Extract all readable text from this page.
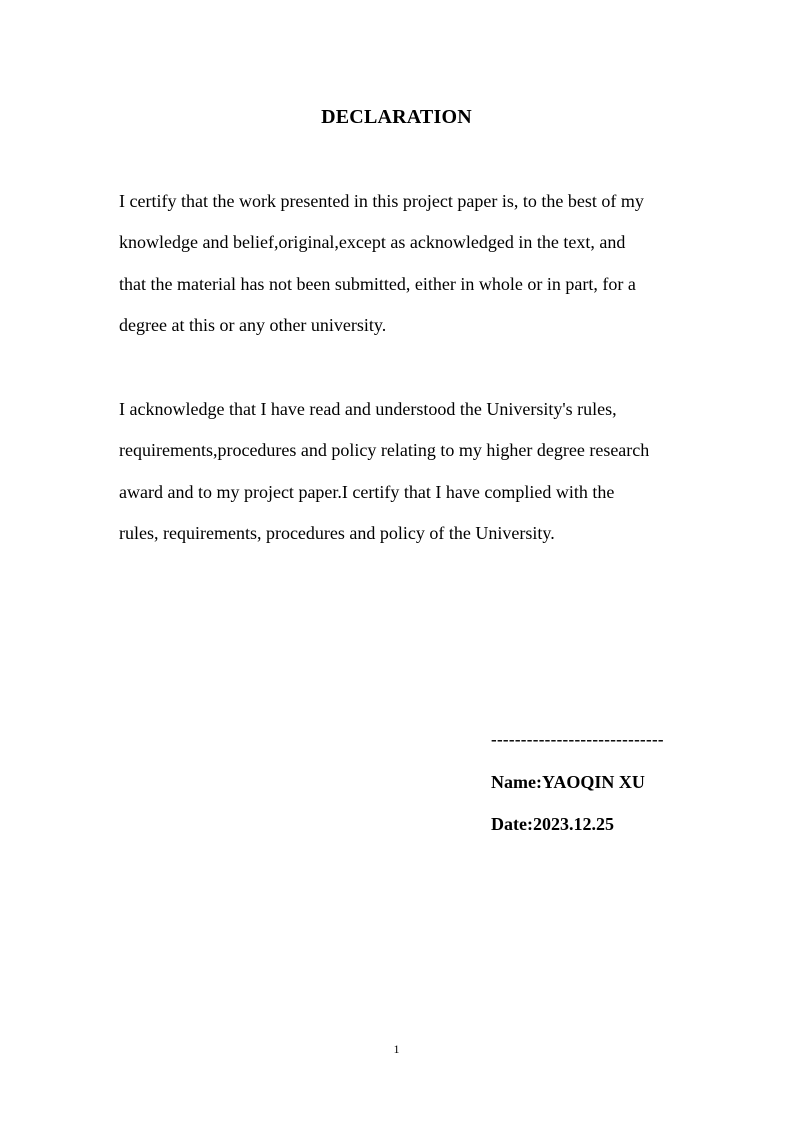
DECLARATION
I certify that the work presented in this project paper is, to the best of my
knowledge and belief,original,except as acknowledged in the text, and
that the material has not been submitted, either in whole or in part, for a
degree at this or any other university.
I acknowledge that I have read and understood the University's rules,
requirements,procedures and policy relating to my higher degree research
award and to my project paper.I certify that I have complied with the
rules, requirements, procedures and policy of the University.
-----------------------------
Name:YAOQIN XU
Date:2023.12.25
1
